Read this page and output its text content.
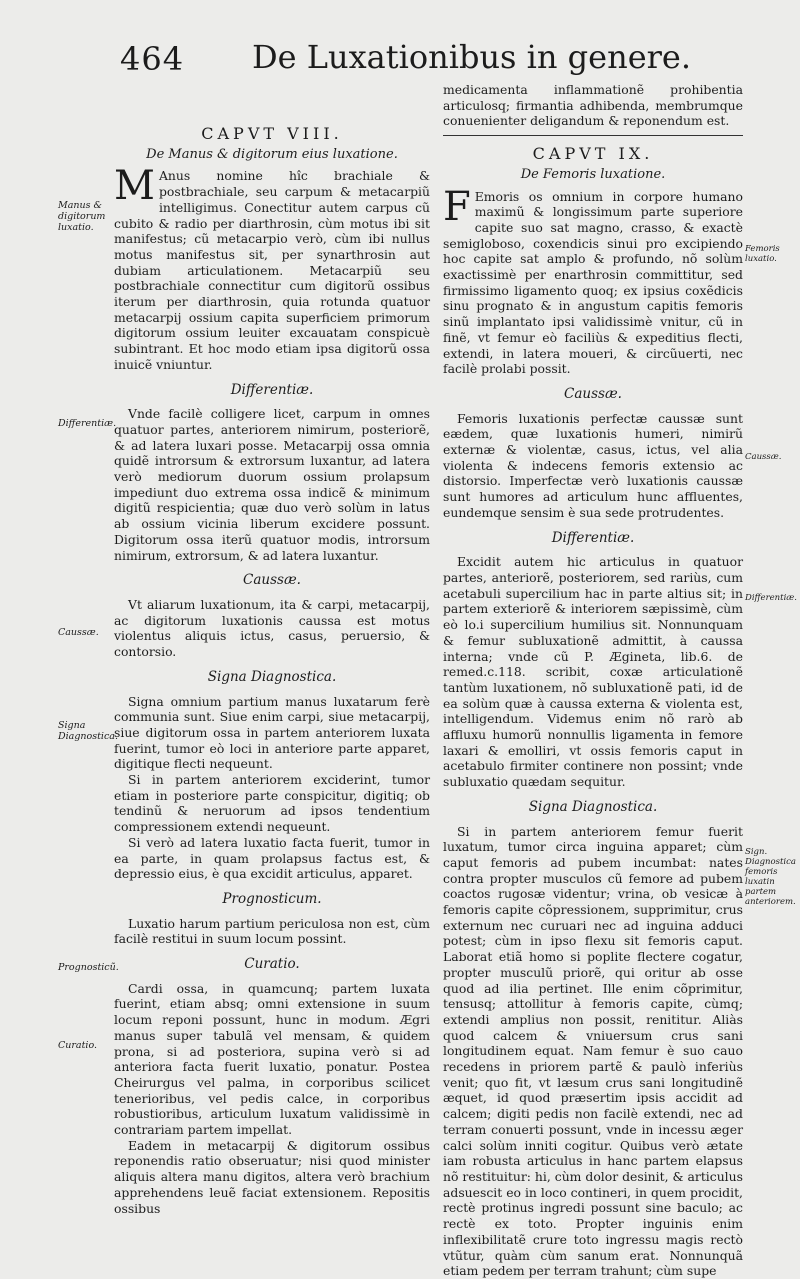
464 De Luxationibus in genere.
CAPVT VIII.
De Manus & digitorum eius luxatione.

M Anus nomine hîc brachiale & postbrachiale, seu carpum & metacarpiũ intelligimus. Conectitur autem carpus cũ cubito & radio per diarthrosin, cùm motus ibi sit manifestus; cũ metacarpio verò, cùm ibi nullus motus manifestus sit, per synarthrosin aut dubiam articulationem. Metacarpiũ seu postbrachiale connectitur cum digitorũ ossibus iterum per diarthrosin, quia rotunda quatuor metacarpij ossium capita superficiem primorum digitorum ossium leuiter excauatam conspicuè subintrant. Et hoc modo etiam ipsa digitorũ ossa inuicẽ vniuntur.

Differentiæ.

Vnde facilè colligere licet, carpum in omnes quatuor partes, anteriorem nimirum, posteriorẽ, & ad latera luxari posse. Metacarpij ossa omnia quidẽ introrsum & extrorsum luxantur, ad latera verò mediorum duorum ossium prolapsum impediunt duo extrema ossa indicẽ & minimum digitũ respicientia; quæ duo verò solùm in latus ab ossium vicinia liberum excidere possunt. Digitorum ossa iterũ quatuor modis, introrsum nimirum, extrorsum, & ad latera luxantur.

Caussæ.

Vt aliarum luxationum, ita & carpi, metacarpij, ac digitorum luxationis caussa est motus violentus aliquis ictus, casus, peruersio, & contorsio.

Signa Diagnostica.

Signa omnium partium manus luxatarum ferè communia sunt. Siue enim carpi, siue metacarpij, siue digitorum ossa in partem anteriorem luxata fuerint, tumor eò loci in anteriore parte apparet, digitique flecti nequeunt.

Si in partem anteriorem exciderint, tumor etiam in posteriore parte conspicitur, digitiq; ob tendinũ & neruorum ad ipsos tendentium compressionem extendi nequeunt.

Si verò ad latera luxatio facta fuerit, tumor in ea parte, in quam prolapsus factus est, & depressio eius, è qua excidit articulus, apparet.

Prognosticum.

Luxatio harum partium periculosa non est, cùm facilè restitui in suum locum possint.

Curatio.

Cardi ossa, in quamcunq; partem luxata fuerint, etiam absq; omni extensione in suum locum reponi possunt, hunc in modum. Ægri manus super tabulã vel mensam, & quidem prona, si ad posteriora, supina verò si ad anteriora facta fuerit luxatio, ponatur. Postea Cheirurgus vel palma, in corporibus scilicet tenerioribus, vel pedis calce, in corporibus robustioribus, articulum luxatum validissimè in contrariam partem impellat.

Eadem in metacarpij & digitorum ossibus reponendis ratio obseruatur; nisi quod minister aliquis altera manu digitos, altera verò brachium apprehendens leuẽ faciat extensionem. Repositis ossibus

medicamenta inflammationẽ prohibentia articulosq; firmantia adhibenda, membrumque conuenienter deligandum & reponendum est.

CAPVT IX.
De Femoris luxatione.

F Emoris os omnium in corpore humano maximũ & longissimum parte superiore capite suo sat magno, crasso, & exactè semigloboso, coxendicis sinui pro excipiendo hoc capite sat amplo & profundo, nõ solùm exactissimè per enarthrosin committitur, sed firmissimo ligamento quoq; ex ipsius coxẽdicis sinu prognato & in angustum capitis femoris sinũ implantato ipsi validissimè vnitur, cũ in finẽ, vt femur eò faciliùs & expeditius flecti, extendi, in latera moueri, & circũuerti, nec facilè prolabi possit.

Caussæ.

Femoris luxationis perfectæ caussæ sunt eædem, quæ luxationis humeri, nimirũ externæ & violentæ, casus, ictus, vel alia violenta & indecens femoris extensio ac distorsio. Imperfectæ verò luxationis caussæ sunt humores ad articulum hunc affluentes, eundemque sensim è sua sede protrudentes.

Differentiæ.

Excidit autem hic articulus in quatuor partes, anteriorẽ, posteriorem, sed rariùs, cum acetabuli supercilium hac in parte altius sit; in partem exteriorẽ & interiorem sæpissimè, cùm eò lo.i supercilium humilius sit. Nonnunquam & femur subluxationẽ admittit, à caussa interna; vnde cũ P. Ægineta, lib.6. de remed.c.118. scribit, coxæ articulationẽ tantùm luxationem, nõ subluxationẽ pati, id de ea solùm quæ à caussa externa & violenta est, intelligendum. Videmus enim nõ rarò ab affluxu humorũ nonnullis ligamenta in femore laxari & emolliri, vt ossis femoris caput in acetabulo firmiter continere non possint; vnde subluxatio quædam sequitur.

Signa Diagnostica.

Si in partem anteriorem femur fuerit luxatum, tumor circa inguina apparet; cùm caput femoris ad pubem incumbat: nates contra propter musculos cũ femore ad pubem coactos rugosæ videntur; vrina, ob vesicæ à femoris capite cõpressionem, supprimitur, crus externum nec curuari nec ad inguina adduci potest; cùm in ipso flexu sit femoris caput. Laborat etiã homo si poplite flectere cogatur, propter musculũ priorẽ, qui oritur ab osse quod ad ilia pertinet. Ille enim cõprimitur, tensusq; attollitur à femoris capite, cùmq; extendi amplius non possit, renititur. Aliàs quod calcem & vniuersum crus sani longitudinem equat. Nam femur è suo cauo recedens in priorem partẽ & paulò inferiùs venit; quo fit, vt læsum crus sani longitudinẽ æquet, id quod præsertim ipsis accidit ad calcem; digiti pedis non facilè extendi, nec ad terram conuerti possunt, vnde in incessu æger calci solùm inniti cogitur. Quibus verò ætate iam robusta articulus in hanc partem elapsus nõ restituitur: hi, cùm dolor desinit, & articulus adsuescit eo in loco contineri, in quem procidit, rectè protinus ingredi possunt sine baculo; ac rectè ex toto. Propter inguinis enim inflexibilitatẽ crure toto ingressu magis rectò vtũtur, quàm cùm sanum erat. Nonnunquã etiam pedem per terram trahunt; cùm supe

Manus & digitorum luxatio.
Differentiæ.
Caussæ.
Signa Diagnostica.
Prognosticũ.
Curatio.
Femoris luxatio.
Caussæ.
Differentiæ.
Sign. Diagnostica femoris luxatin partem anteriorem.
